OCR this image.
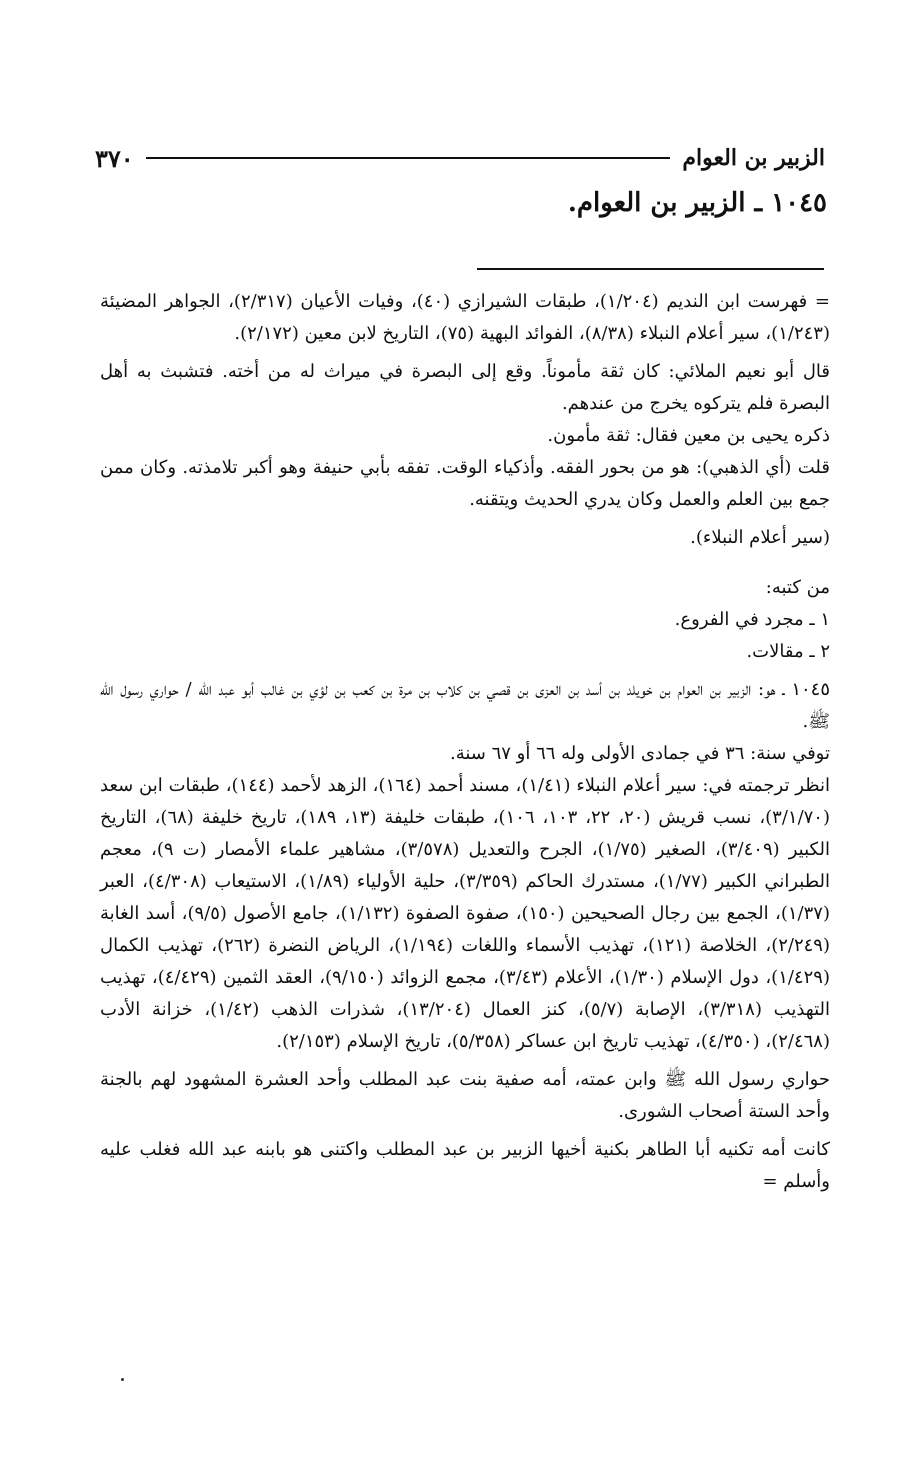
الزبير بن العوام
٣٧٠
١٠٤٥ ـ الزبير بن العوام.

= فهرست ابن النديم (١/٢٠٤)، طبقات الشيرازي (٤٠)، وفيات الأعيان (٢/٣١٧)، الجواهر المضيئة (١/٢٤٣)، سير أعلام النبلاء (٨/٣٨)، الفوائد البهية (٧٥)، التاريخ لابن معين (٢/١٧٢).

قال أبو نعيم الملائي: كان ثقة مأموناً. وقع إلى البصرة في ميراث له من أخته. فتشبث به أهل البصرة فلم يتركوه يخرج من عندهم.

ذكره يحيى بن معين فقال: ثقة مأمون.

قلت (أي الذهبي): هو من بحور الفقه. وأذكياء الوقت. تفقه بأبي حنيفة وهو أكبر تلامذته. وكان ممن جمع بين العلم والعمل وكان يدري الحديث ويتقنه.

(سير أعلام النبلاء).

من كتبه:

١ ـ مجرد في الفروع.

٢ ـ مقالات.

١٠٤٥ ـ هو: الزبير بن العوام بن خويلد بن أسد بن العزى بن قصي بن كلاب بن مرة بن كعب بن لؤي بن غالب أبو عبد الله / حواري رسول الله ﷺ.

توفي سنة: ٣٦ في جمادى الأولى وله ٦٦ أو ٦٧ سنة.

انظر ترجمته في: سير أعلام النبلاء (١/٤١)، مسند أحمد (١٦٤)، الزهد لأحمد (١٤٤)، طبقات ابن سعد (٣/١/٧٠)، نسب قريش (٢٠، ٢٢، ١٠٣، ١٠٦)، طبقات خليفة (١٣، ١٨٩)، تاريخ خليفة (٦٨)، التاريخ الكبير (٣/٤٠٩)، الصغير (١/٧٥)، الجرح والتعديل (٣/٥٧٨)، مشاهير علماء الأمصار (ت ٩)، معجم الطبراني الكبير (١/٧٧)، مستدرك الحاكم (٣/٣٥٩)، حلية الأولياء (١/٨٩)، الاستيعاب (٤/٣٠٨)، العبر (١/٣٧)، الجمع بين رجال الصحيحين (١٥٠)، صفوة الصفوة (١/١٣٢)، جامع الأصول (٩/٥)، أسد الغابة (٢/٢٤٩)، الخلاصة (١٢١)، تهذيب الأسماء واللغات (١/١٩٤)، الرياض النضرة (٢٦٢)، تهذيب الكمال (١/٤٢٩)، دول الإسلام (١/٣٠)، الأعلام (٣/٤٣)، مجمع الزوائد (٩/١٥٠)، العقد الثمين (٤/٤٢٩)، تهذيب التهذيب (٣/٣١٨)، الإصابة (٥/٧)، كنز العمال (١٣/٢٠٤)، شذرات الذهب (١/٤٢)، خزانة الأدب (٢/٤٦٨)، (٤/٣٥٠)، تهذيب تاريخ ابن عساكر (٥/٣٥٨)، تاريخ الإسلام (٢/١٥٣).

حواري رسول الله ﷺ وابن عمته، أمه صفية بنت عبد المطلب وأحد العشرة المشهود لهم بالجنة وأحد الستة أصحاب الشورى.

كانت أمه تكنيه أبا الطاهر بكنية أخيها الزبير بن عبد المطلب واكتنى هو بابنه عبد الله فغلب عليه وأسلم =
